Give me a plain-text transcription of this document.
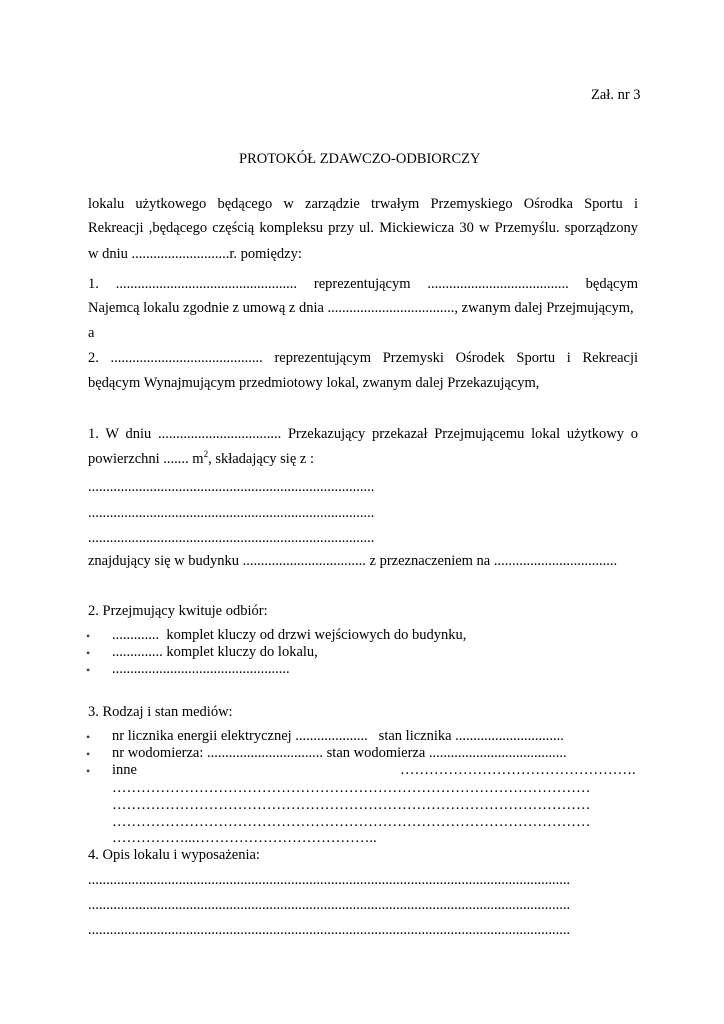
Zał. nr 3
PROTOKÓŁ ZDAWCZO-ODBIORCZY
lokalu użytkowego będącego w zarządzie trwałym Przemyskiego Ośrodka Sportu i
Rekreacji ,będącego częścią kompleksu przy ul. Mickiewicza 30 w Przemyślu. sporządzony
w dniu ...........................r. pomiędzy:
1. .................................................. reprezentującym ....................................... będącym
Najemcą lokalu zgodnie z umową z dnia ..................................., zwanym dalej Przejmującym,
a
2. .......................................... reprezentującym Przemyski Ośrodek Sportu i Rekreacji
będącym Wynajmującym przedmiotowy lokal, zwanym dalej Przekazującym,
1. W dniu .................................. Przekazujący przekazał Przejmującemu lokal użytkowy o
powierzchni ....... $m^2$, składający się z :
...............................................................................
...............................................................................
...............................................................................
znajdujący się w budynku .................................. z przeznaczeniem na ..................................
2. Przejmujący kwituje odbiór:
• .............  komplet kluczy od drzwi wejściowych do budynku,
• .............. komplet kluczy do lokalu,
• .................................................
3. Rodzaj i stan mediów:
• nr licznika energii elektrycznej ....................   stan licznika ..............................
• nr wodomierza: ................................ stan wodomierza ......................................
• inne	………………………………………….
………………………………………………………………………………………
………………………………………………………………………………………
………………………………………………………………………………………
……………...………………………………..
4. Opis lokalu i wyposażenia:
.....................................................................................................................................
.....................................................................................................................................
.....................................................................................................................................
